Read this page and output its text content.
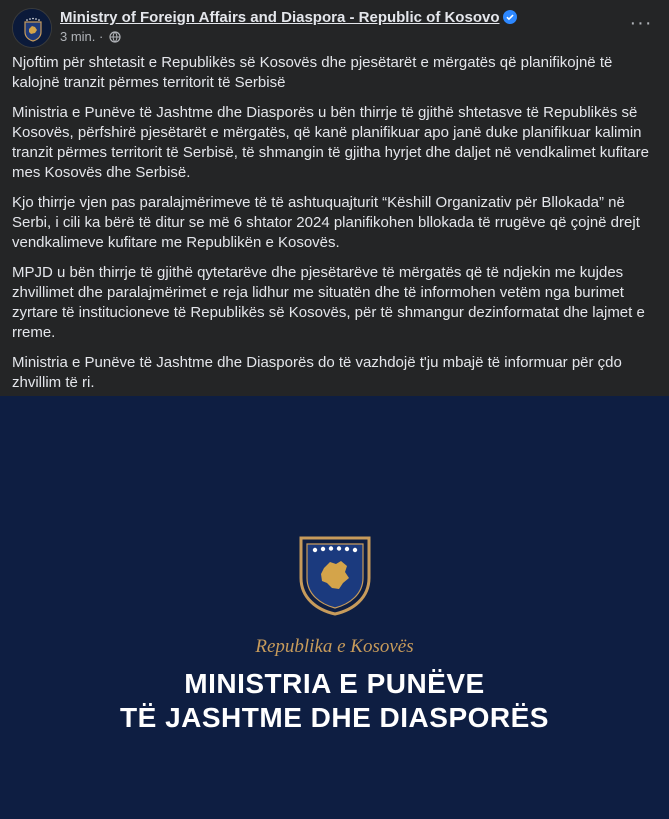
Ministry of Foreign Affairs and Diaspora - Republic of Kosovo
3 min. ·
···

Njoftim për shtetasit e Republikës së Kosovës dhe pjesëtarët e mërgatës që planifikojnë të kalojnë tranzit përmes territorit të Serbisë

Ministria e Punëve të Jashtme dhe Diasporës u bën thirrje të gjithë shtetasve të Republikës së Kosovës, përfshirë pjesëtarët e mërgatës, që kanë planifikuar apo janë duke planifikuar kalimin tranzit përmes territorit të Serbisë, të shmangin të gjitha hyrjet dhe daljet në vendkalimet kufitare mes Kosovës dhe Serbisë.

Kjo thirrje vjen pas paralajmërimeve të të ashtuquajturit “Këshill Organizativ për Bllokada” në Serbi, i cili ka bërë të ditur se më 6 shtator 2024 planifikohen bllokada të rrugëve që çojnë drejt vendkalimeve kufitare me Republikën e Kosovës.

MPJD u bën thirrje të gjithë qytetarëve dhe pjesëtarëve të mërgatës që të ndjekin me kujdes zhvillimet dhe paralajmërimet e reja lidhur me situatën dhe të informohen vetëm nga burimet zyrtare të institucioneve të Republikës së Kosovës, për të shmangur dezinformatat dhe lajmet e rreme.

Ministria e Punëve të Jashtme dhe Diasporës do të vazhdojë t'ju mbajë të informuar për çdo zhvillim të ri.

Republika e Kosovës
MINISTRIA E PUNËVE
TË JASHTME DHE DIASPORËS
